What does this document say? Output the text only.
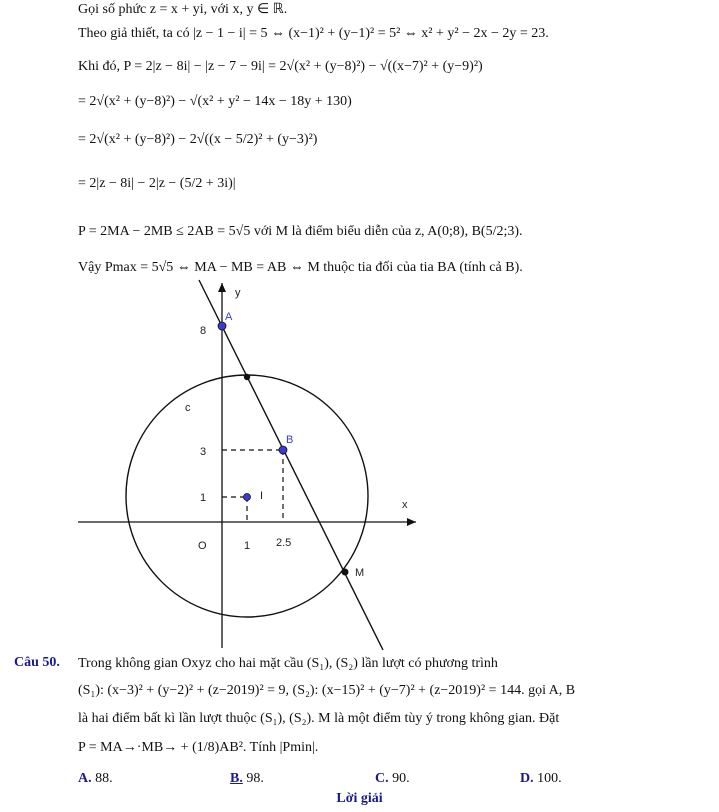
Gọi số phức z = x + yi, với x, y ∈ ℝ.
Theo giả thiết, ta có |z − 1 − i| = 5 ⇔ (x−1)² + (y−1)² = 5² ⇔ x² + y² − 2x − 2y = 23.
Khi đó, P = 2|z − 8i| − |z − 7 − 9i| = 2√(x² + (y−8)²) − √((x−7)² + (y−9)²)
= 2√(x² + (y−8)²) − √(x² + y² − 14x − 18y + 130)
= 2√(x² + (y−8)²) − 2√((x − 5/2)² + (y−3)²)
= 2|z − 8i| − 2|z − (5/2 + 3i)|
P = 2MA − 2MB ≤ 2AB = 5√5 với M là điểm biểu diễn của z, A(0;8), B(5/2;3).
Vậy Pmax = 5√5 ⇔ MA − MB = AB ⇔ M thuộc tia đối của tia BA (tính cả B).
y
x
O
c
A
B
I
M
8
3
1
1 2.5
Câu 50. Trong không gian Oxyz cho hai mặt cầu (S₁), (S₂) lần lượt có phương trình
(S₁): (x−3)² + (y−2)² + (z−2019)² = 9, (S₂): (x−15)² + (y−7)² + (z−2019)² = 144. gọi A, B
là hai điểm bất kì lần lượt thuộc (S₁), (S₂). M là một điểm tùy ý trong không gian. Đặt
P = MA→·MB→ + (1/8)AB². Tính |Pmin|.
A. 88.	B. 98.	C. 90.	D. 100.
Lời giải
